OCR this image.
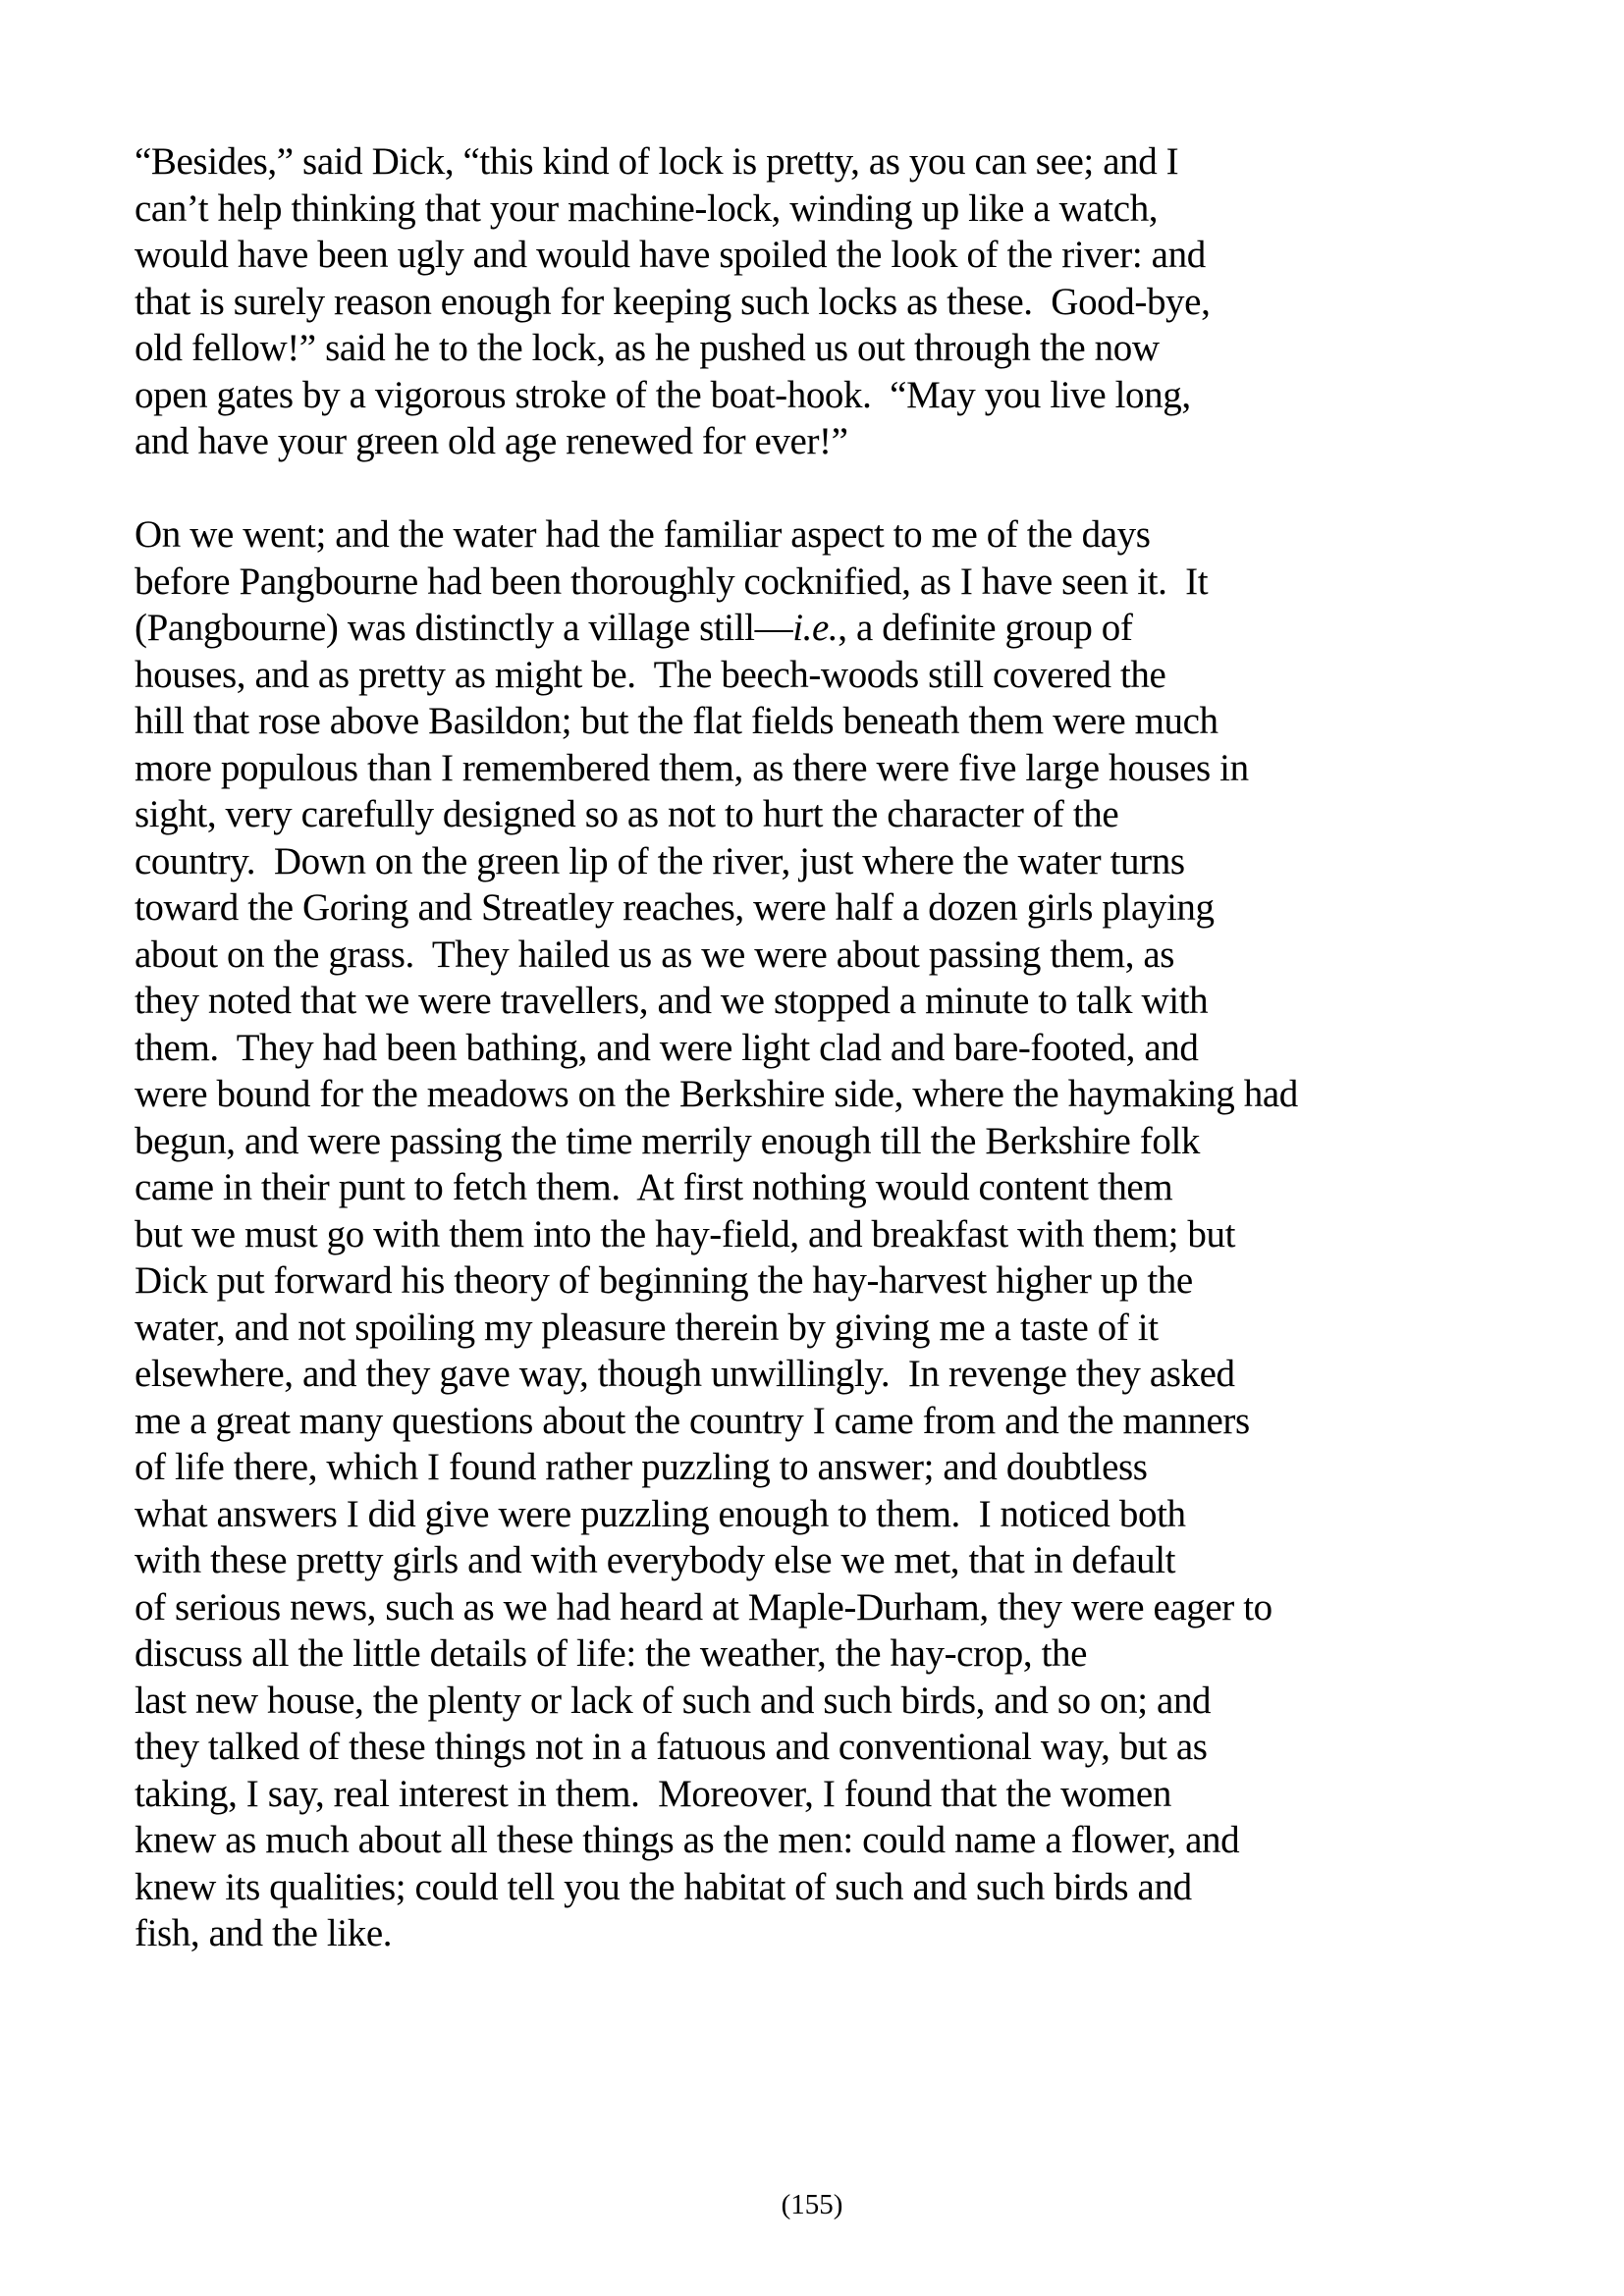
“Besides,” said Dick, “this kind of lock is pretty, as you can see; and I
can’t help thinking that your machine-lock, winding up like a watch,
would have been ugly and would have spoiled the look of the river: and
that is surely reason enough for keeping such locks as these.  Good-bye,
old fellow!” said he to the lock, as he pushed us out through the now
open gates by a vigorous stroke of the boat-hook.  “May you live long,
and have your green old age renewed for ever!”
On we went; and the water had the familiar aspect to me of the days
before Pangbourne had been thoroughly cocknified, as I have seen it.  It
(Pangbourne) was distinctly a village still—i.e., a definite group of
houses, and as pretty as might be.  The beech-woods still covered the
hill that rose above Basildon; but the flat fields beneath them were much
more populous than I remembered them, as there were five large houses in
sight, very carefully designed so as not to hurt the character of the
country.  Down on the green lip of the river, just where the water turns
toward the Goring and Streatley reaches, were half a dozen girls playing
about on the grass.  They hailed us as we were about passing them, as
they noted that we were travellers, and we stopped a minute to talk with
them.  They had been bathing, and were light clad and bare-footed, and
were bound for the meadows on the Berkshire side, where the haymaking had
begun, and were passing the time merrily enough till the Berkshire folk
came in their punt to fetch them.  At first nothing would content them
but we must go with them into the hay-field, and breakfast with them; but
Dick put forward his theory of beginning the hay-harvest higher up the
water, and not spoiling my pleasure therein by giving me a taste of it
elsewhere, and they gave way, though unwillingly.  In revenge they asked
me a great many questions about the country I came from and the manners
of life there, which I found rather puzzling to answer; and doubtless
what answers I did give were puzzling enough to them.  I noticed both
with these pretty girls and with everybody else we met, that in default
of serious news, such as we had heard at Maple-Durham, they were eager to
discuss all the little details of life: the weather, the hay-crop, the
last new house, the plenty or lack of such and such birds, and so on; and
they talked of these things not in a fatuous and conventional way, but as
taking, I say, real interest in them.  Moreover, I found that the women
knew as much about all these things as the men: could name a flower, and
knew its qualities; could tell you the habitat of such and such birds and
fish, and the like.
(155)
